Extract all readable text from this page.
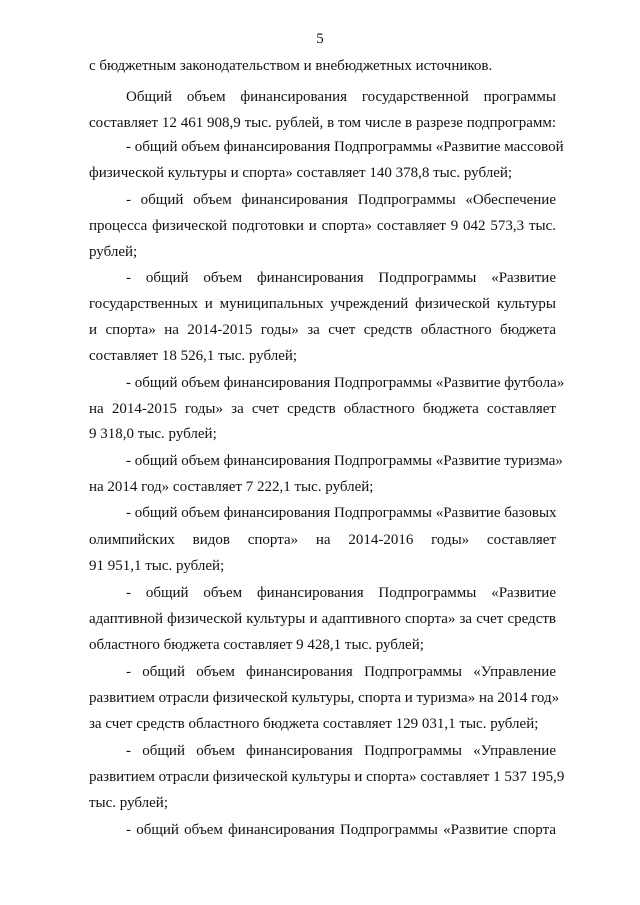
5
с бюджетным законодательством и внебюджетных источников.
Общий объем финансирования государственной программы
составляет 12 461 908,9 тыс. рублей, в том числе в разрезе подпрограмм:
- общий объем финансирования Подпрограммы «Развитие массовой
физической культуры и спорта» составляет 140 378,8 тыс. рублей;
- общий объем финансирования Подпрограммы «Обеспечение
процесса физической подготовки и спорта» составляет 9 042 573,3 тыс.
рублей;
- общий объем финансирования Подпрограммы «Развитие
государственных и муниципальных учреждений физической культуры
и спорта» на 2014-2015 годы» за счет средств областного бюджета
составляет 18 526,1 тыс. рублей;
- общий объем финансирования Подпрограммы «Развитие футбола»
на 2014-2015 годы» за счет средств областного бюджета составляет
9 318,0 тыс. рублей;
- общий объем финансирования Подпрограммы «Развитие туризма»
на 2014 год» составляет 7 222,1 тыс. рублей;
- общий объем финансирования Подпрограммы «Развитие базовых
олимпийских видов спорта» на 2014-2016 годы» составляет
91 951,1 тыс. рублей;
- общий объем финансирования Подпрограммы «Развитие
адаптивной физической культуры и адаптивного спорта» за счет средств
областного бюджета составляет 9 428,1 тыс. рублей;
- общий объем финансирования Подпрограммы «Управление
развитием отрасли физической культуры, спорта и туризма» на 2014 год»
за счет средств областного бюджета составляет 129 031,1 тыс. рублей;
- общий объем финансирования Подпрограммы «Управление
развитием отрасли физической культуры и спорта» составляет 1 537 195,9
тыс. рублей;
- общий объем финансирования Подпрограммы «Развитие спорта
